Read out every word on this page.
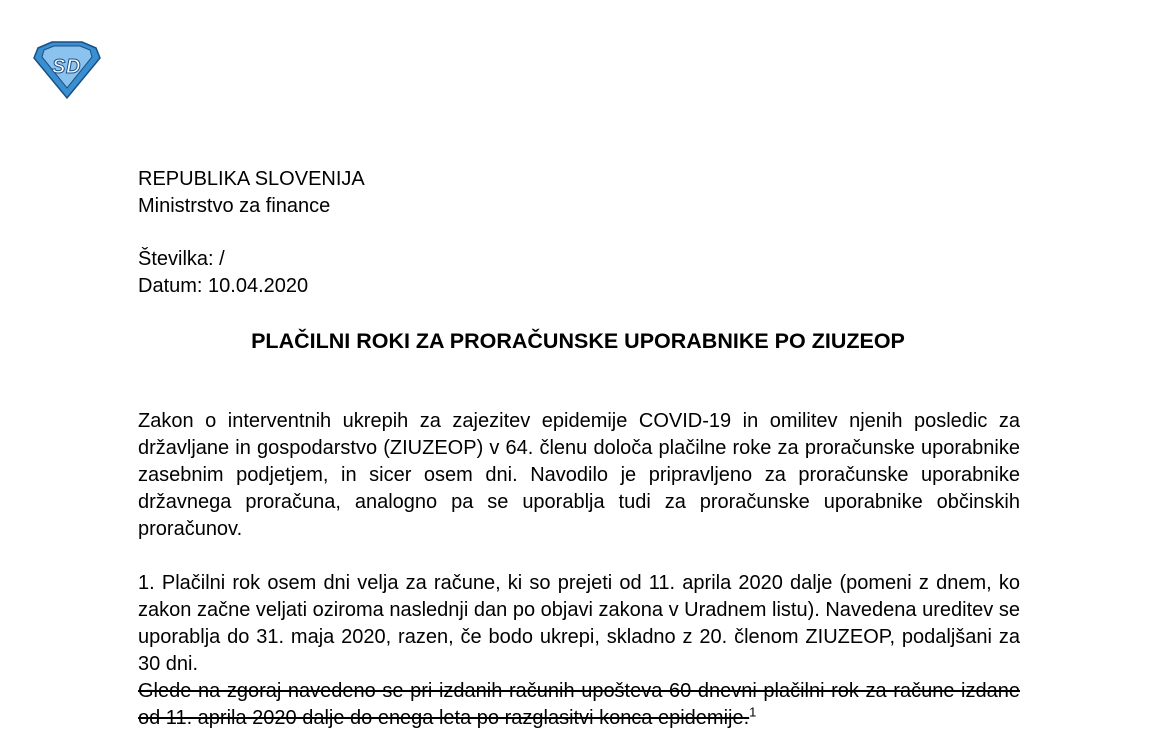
S D
REPUBLIKA SLOVENIJA
Ministrstvo za finance
Številka: /
Datum: 10.04.2020
PLAČILNI ROKI ZA PRORAČUNSKE UPORABNIKE PO ZIUZEOP
Zakon o interventnih ukrepih za zajezitev epidemije COVID-19 in omilitev njenih posledic za državljane in gospodarstvo (ZIUZEOP) v 64. členu določa plačilne roke za proračunske uporabnike zasebnim podjetjem, in sicer osem dni. Navodilo je pripravljeno za proračunske uporabnike državnega proračuna, analogno pa se uporablja tudi za proračunske uporabnike občinskih proračunov.
1. Plačilni rok osem dni velja za račune, ki so prejeti od 11. aprila 2020 dalje (pomeni z dnem, ko zakon začne veljati oziroma naslednji dan po objavi zakona v Uradnem listu). Navedena ureditev se uporablja do 31. maja 2020, razen, če bodo ukrepi, skladno z 20. členom ZIUZEOP, podaljšani za 30 dni.
Glede na zgoraj navedeno se pri izdanih računih upošteva 60 dnevni plačilni rok za račune izdane od 11. aprila 2020 dalje do enega leta po razglasitvi konca epidemije.$^1$
